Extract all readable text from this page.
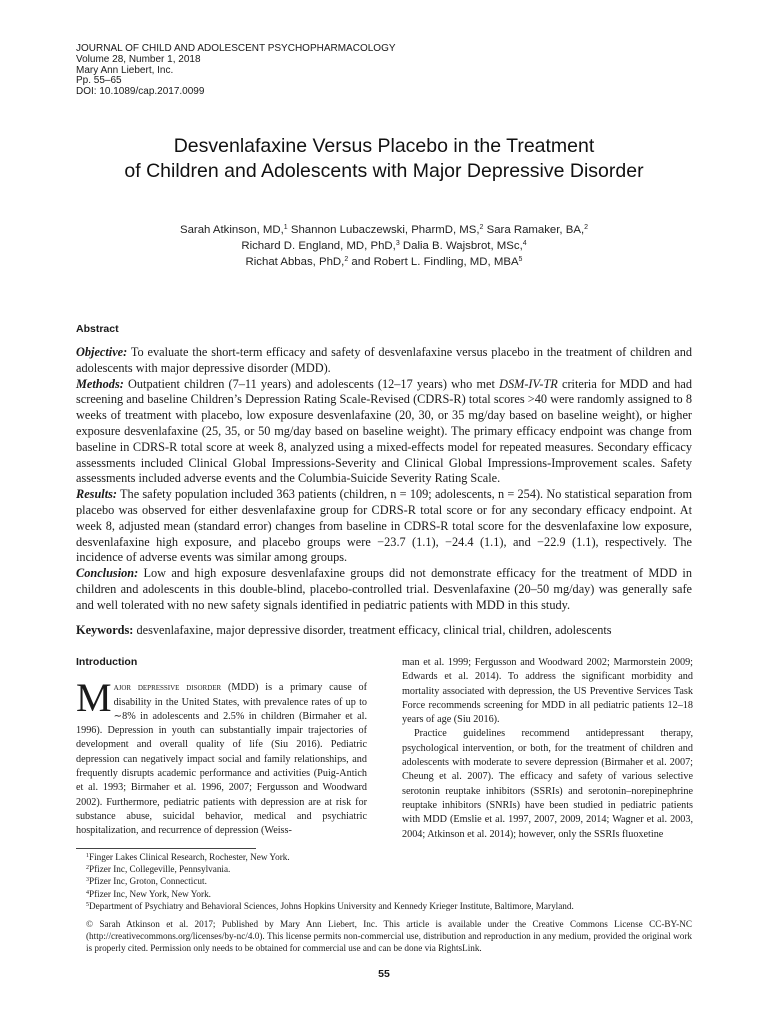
JOURNAL OF CHILD AND ADOLESCENT PSYCHOPHARMACOLOGY
Volume 28, Number 1, 2018
Mary Ann Liebert, Inc.
Pp. 55–65
DOI: 10.1089/cap.2017.0099
Desvenlafaxine Versus Placebo in the Treatment
of Children and Adolescents with Major Depressive Disorder
Sarah Atkinson, MD,$^1$ Shannon Lubaczewski, PharmD, MS,$^2$ Sara Ramaker, BA,$^2$
Richard D. England, MD, PhD,$^3$ Dalia B. Wajsbrot, MSc,$^4$
Richat Abbas, PhD,$^2$ and Robert L. Findling, MD, MBA$^5$
Abstract

Objective: To evaluate the short-term efficacy and safety of desvenlafaxine versus placebo in the treatment of children and adolescents with major depressive disorder (MDD).

Methods: Outpatient children (7–11 years) and adolescents (12–17 years) who met DSM-IV-TR criteria for MDD and had screening and baseline Children’s Depression Rating Scale-Revised (CDRS-R) total scores >40 were randomly assigned to 8 weeks of treatment with placebo, low exposure desvenlafaxine (20, 30, or 35 mg/day based on baseline weight), or higher exposure desvenlafaxine (25, 35, or 50 mg/day based on baseline weight). The primary efficacy endpoint was change from baseline in CDRS-R total score at week 8, analyzed using a mixed-effects model for repeated measures. Secondary efficacy assessments included Clinical Global Impressions-Severity and Clinical Global Impressions-Improvement scales. Safety assessments included adverse events and the Columbia-Suicide Severity Rating Scale.

Results: The safety population included 363 patients (children, n = 109; adolescents, n = 254). No statistical separation from placebo was observed for either desvenlafaxine group for CDRS-R total score or for any secondary efficacy endpoint. At week 8, adjusted mean (standard error) changes from baseline in CDRS-R total score for the desvenlafaxine low exposure, desvenlafaxine high exposure, and placebo groups were −23.7 (1.1), −24.4 (1.1), and −22.9 (1.1), respectively. The incidence of adverse events was similar among groups.

Conclusion: Low and high exposure desvenlafaxine groups did not demonstrate efficacy for the treatment of MDD in children and adolescents in this double-blind, placebo-controlled trial. Desvenlafaxine (20–50 mg/day) was generally safe and well tolerated with no new safety signals identified in pediatric patients with MDD in this study.

Keywords: desvenlafaxine, major depressive disorder, treatment efficacy, clinical trial, children, adolescents
Introduction

Major depressive disorder (MDD) is a primary cause of disability in the United States, with prevalence rates of up to ∼8% in adolescents and 2.5% in children (Birmaher et al. 1996). Depression in youth can substantially impair trajectories of development and overall quality of life (Siu 2016). Pediatric depression can negatively impact social and family relationships, and frequently disrupts academic performance and activities (Puig-Antich et al. 1993; Birmaher et al. 1996, 2007; Fergusson and Woodward 2002). Furthermore, pediatric patients with depression are at risk for substance abuse, suicidal behavior, medical and psychiatric hospitalization, and recurrence of depression (Weiss-

man et al. 1999; Fergusson and Woodward 2002; Marmorstein 2009; Edwards et al. 2014). To address the significant morbidity and mortality associated with depression, the US Preventive Services Task Force recommends screening for MDD in all pediatric patients 12–18 years of age (Siu 2016).

Practice guidelines recommend antidepressant therapy, psychological intervention, or both, for the treatment of children and adolescents with moderate to severe depression (Birmaher et al. 2007; Cheung et al. 2007). The efficacy and safety of various selective serotonin reuptake inhibitors (SSRIs) and serotonin–norepinephrine reuptake inhibitors (SNRIs) have been studied in pediatric patients with MDD (Emslie et al. 1997, 2007, 2009, 2014; Wagner et al. 2003, 2004; Atkinson et al. 2014); however, only the SSRIs fluoxetine

$^1$Finger Lakes Clinical Research, Rochester, New York.
$^2$Pfizer Inc, Collegeville, Pennsylvania.
$^3$Pfizer Inc, Groton, Connecticut.
$^4$Pfizer Inc, New York, New York.
$^5$Department of Psychiatry and Behavioral Sciences, Johns Hopkins University and Kennedy Krieger Institute, Baltimore, Maryland.
© Sarah Atkinson et al. 2017; Published by Mary Ann Liebert, Inc. This article is available under the Creative Commons License CC-BY-NC (http://creativecommons.org/licenses/by-nc/4.0). This license permits non-commercial use, distribution and reproduction in any medium, provided the original work is properly cited. Permission only needs to be obtained for commercial use and can be done via RightsLink.
55
